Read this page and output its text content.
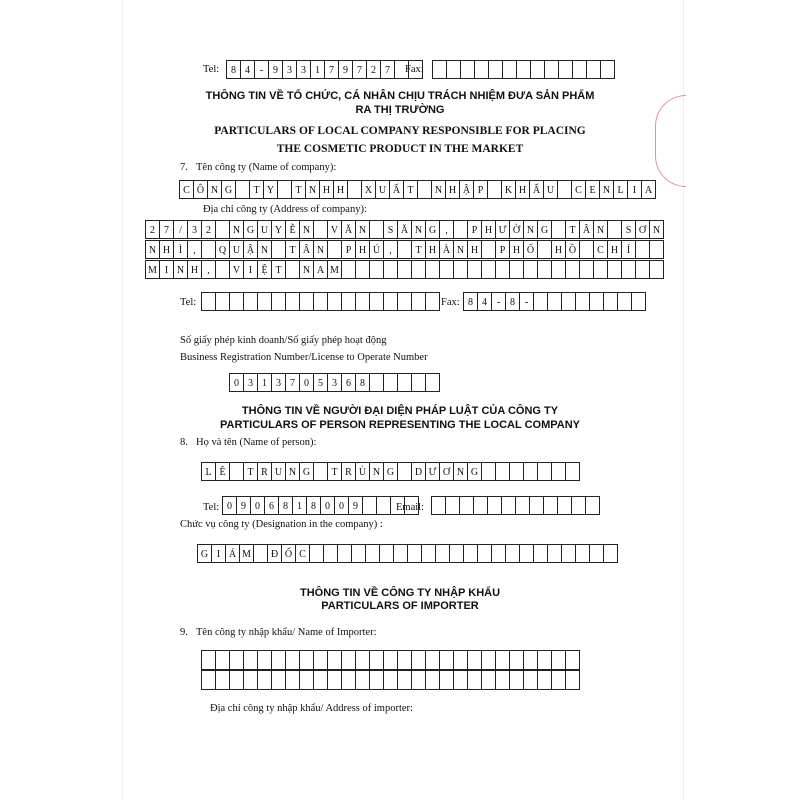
Tel:	8 4 - 9 3 3 1 7 9 7 2 7	Fax:
THÔNG TIN VỀ TỔ CHỨC, CÁ NHÂN CHỊU TRÁCH NHIỆM ĐƯA SẢN PHẨM
RA THỊ TRƯỜNG
PARTICULARS OF LOCAL COMPANY RESPONSIBLE FOR PLACING
THE COSMETIC PRODUCT IN THE MARKET
7. Tên công ty (Name of company):
C Ô N G	T Y	T N H H	X U Ấ T	N H Ậ P	K H Ẩ U	C E N L I A
Địa chỉ công ty (Address of company):
2 7	/	3 2	N G U Y Ễ N	V Ă N	S Ă N G ,	P H Ư Ờ N G	T Â N	S Ơ N
N H Ì	,	Q U Ậ N	T Â N	P H Ú ,	T H À N H	P H Ố	H Ồ	C H Í
M I N H ,	V I Ệ T	N A M
Tel:	Fax: 8 4 - 8 -
Số giấy phép kinh doanh/Số giấy phép hoạt động
Business Registration Number/License to Operate Number
0 3 1 3 7 0 5 3 6 8
THÔNG TIN VỀ NGƯỜI ĐẠI DIỆN PHÁP LUẬT CỦA CÔNG TY
PARTICULARS OF PERSON REPRESENTING THE LOCAL COMPANY
8. Họ và tên (Name of person):
L Ê	T R U N G	T R Ù N G	D Ư Ơ N G
Tel: 0 9 0 6 8 1 8 0 0 9	Email:
Chức vụ công ty (Designation in the company) :
G I Á M	Đ Ố C
THÔNG TIN VỀ CÔNG TY NHẬP KHẨU
PARTICULARS OF IMPORTER
9. Tên công ty nhập khẩu/ Name of Importer:
Địa chỉ công ty nhập khẩu/ Address of importer:
